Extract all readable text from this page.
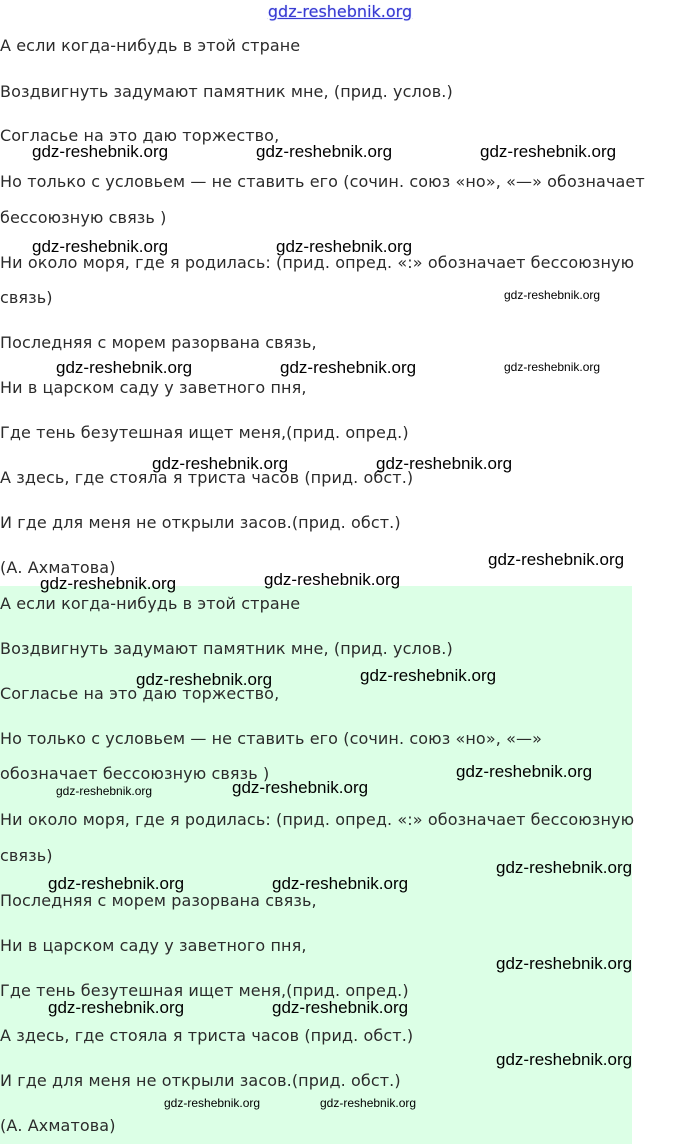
gdz-reshebnik.org
А если когда-нибудь в этой стране
Воздвигнуть задумают памятник мне, (прид. услов.)
Согласье на это даю торжество,
Но только с условьем — не ставить его (сочин. союз «но», «—» обозначает
бессоюзную связь )
Ни около моря, где я родилась: (прид. опред. «:» обозначает бессоюзную
связь)
Последняя с морем разорвана связь,
Ни в царском саду у заветного пня,
Где тень безутешная ищет меня,(прид. опред.)
А здесь, где стояла я триста часов (прид. обст.)
И где для меня не открыли засов.(прид. обст.)
(А. Ахматова)
А если когда-нибудь в этой стране
Воздвигнуть задумают памятник мне, (прид. услов.)
Согласье на это даю торжество,
Но только с условьем — не ставить его (сочин. союз «но», «—»
обозначает бессоюзную связь )
Ни около моря, где я родилась: (прид. опред. «:» обозначает бессоюзную
связь)
Последняя с морем разорвана связь,
Ни в царском саду у заветного пня,
Где тень безутешная ищет меня,(прид. опред.)
А здесь, где стояла я триста часов (прид. обст.)
И где для меня не открыли засов.(прид. обст.)
(А. Ахматова)
gdz-reshebnik.org	gdz-reshebnik.org	gdz-reshebnik.org
gdz-reshebnik.org	gdz-reshebnik.org
gdz-reshebnik.org
gdz-reshebnik.org	gdz-reshebnik.org	gdz-reshebnik.org
gdz-reshebnik.org	gdz-reshebnik.org
gdz-reshebnik.org
gdz-reshebnik.org	gdz-reshebnik.org
gdz-reshebnik.org	gdz-reshebnik.org
gdz-reshebnik.org
gdz-reshebnik.org	gdz-reshebnik.org
gdz-reshebnik.org
gdz-reshebnik.org	gdz-reshebnik.org
gdz-reshebnik.org
gdz-reshebnik.org	gdz-reshebnik.org
gdz-reshebnik.org
gdz-reshebnik.org	gdz-reshebnik.org
